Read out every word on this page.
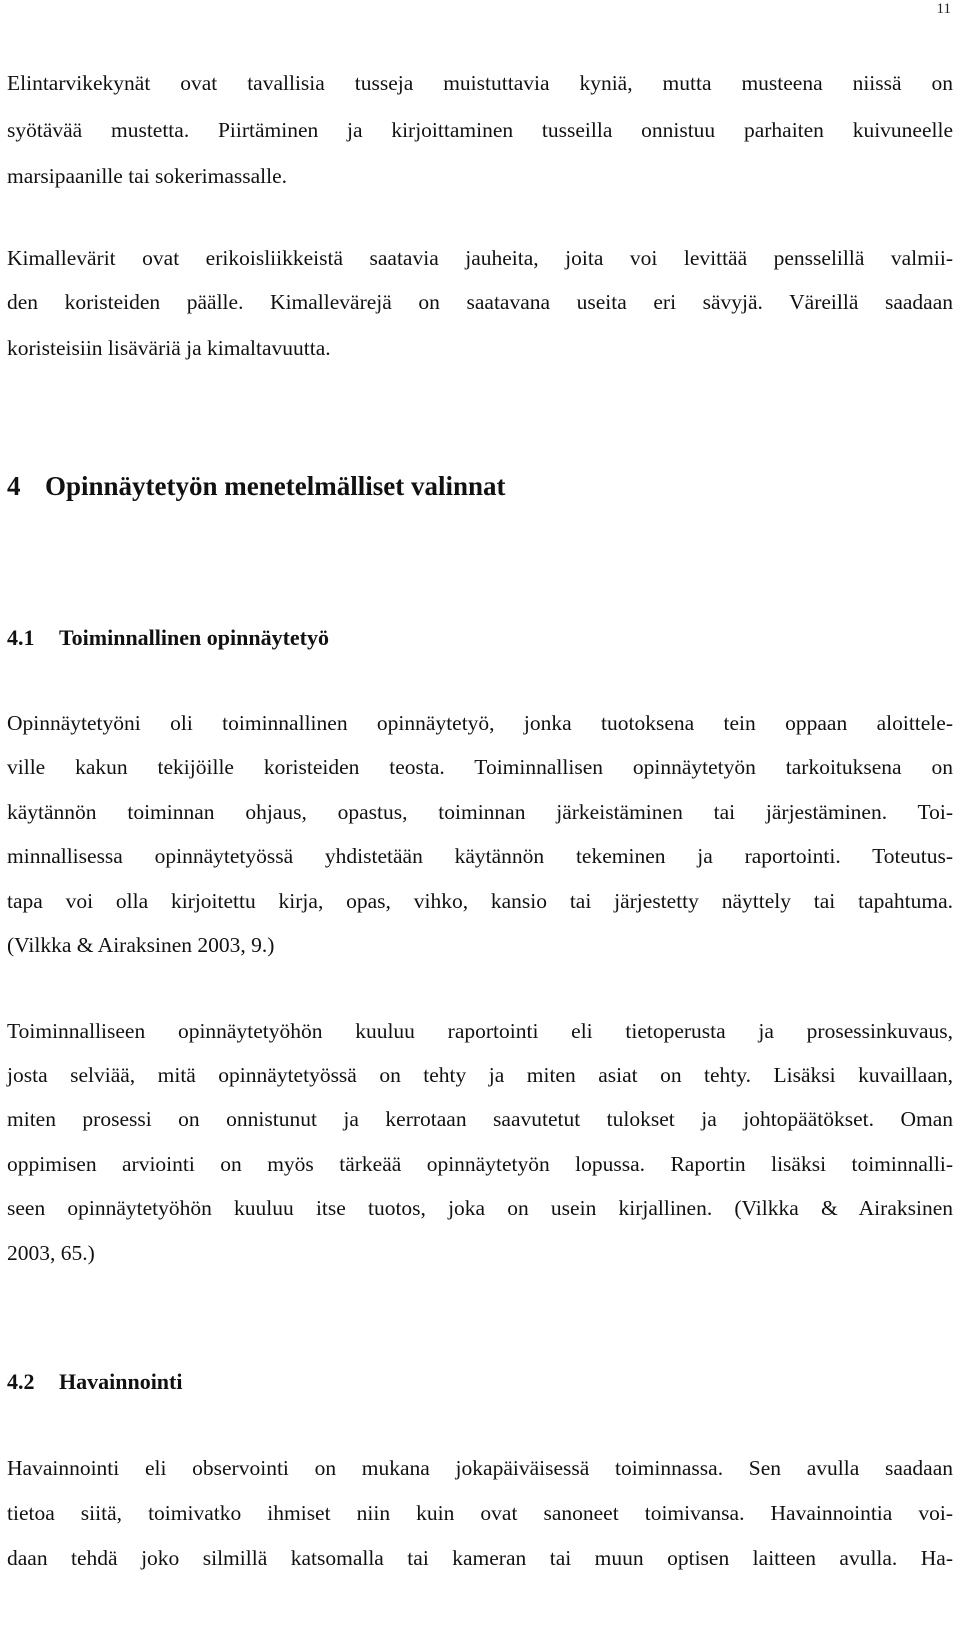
11
Elintarvikekynät ovat tavallisia tusseja muistuttavia kyniä, mutta musteena niissä on
syötävää mustetta. Piirtäminen ja kirjoittaminen tusseilla onnistuu parhaiten kuivuneelle
marsipaanille tai sokerimassalle.
Kimallevärit ovat erikoisliikkeistä saatavia jauheita, joita voi levittää pensselillä valmii-
den koristeiden päälle. Kimallevärejä on saatavana useita eri sävyjä. Väreillä saadaan
koristeisiin lisäväriä ja kimaltavuutta.
4 Opinnäytetyön menetelmälliset valinnat
4.1 Toiminnallinen opinnäytetyö
Opinnäytetyöni oli toiminnallinen opinnäytetyö, jonka tuotoksena tein oppaan aloittele-
ville kakun tekijöille koristeiden teosta. Toiminnallisen opinnäytetyön tarkoituksena on
käytännön toiminnan ohjaus, opastus, toiminnan järkeistäminen tai järjestäminen. Toi-
minnallisessa opinnäytetyössä yhdistetään käytännön tekeminen ja raportointi. Toteutus-
tapa voi olla kirjoitettu kirja, opas, vihko, kansio tai järjestetty näyttely tai tapahtuma.
(Vilkka & Airaksinen 2003, 9.)
Toiminnalliseen opinnäytetyöhön kuuluu raportointi eli tietoperusta ja prosessinkuvaus,
josta selviää, mitä opinnäytetyössä on tehty ja miten asiat on tehty. Lisäksi kuvaillaan,
miten prosessi on onnistunut ja kerrotaan saavutetut tulokset ja johtopäätökset. Oman
oppimisen arviointi on myös tärkeää opinnäytetyön lopussa. Raportin lisäksi toiminnalli-
seen opinnäytetyöhön kuuluu itse tuotos, joka on usein kirjallinen. (Vilkka & Airaksinen
2003, 65.)
4.2 Havainnointi
Havainnointi eli observointi on mukana jokapäiväisessä toiminnassa. Sen avulla saadaan
tietoa siitä, toimivatko ihmiset niin kuin ovat sanoneet toimivansa. Havainnointia voi-
daan tehdä joko silmillä katsomalla tai kameran tai muun optisen laitteen avulla. Ha-
